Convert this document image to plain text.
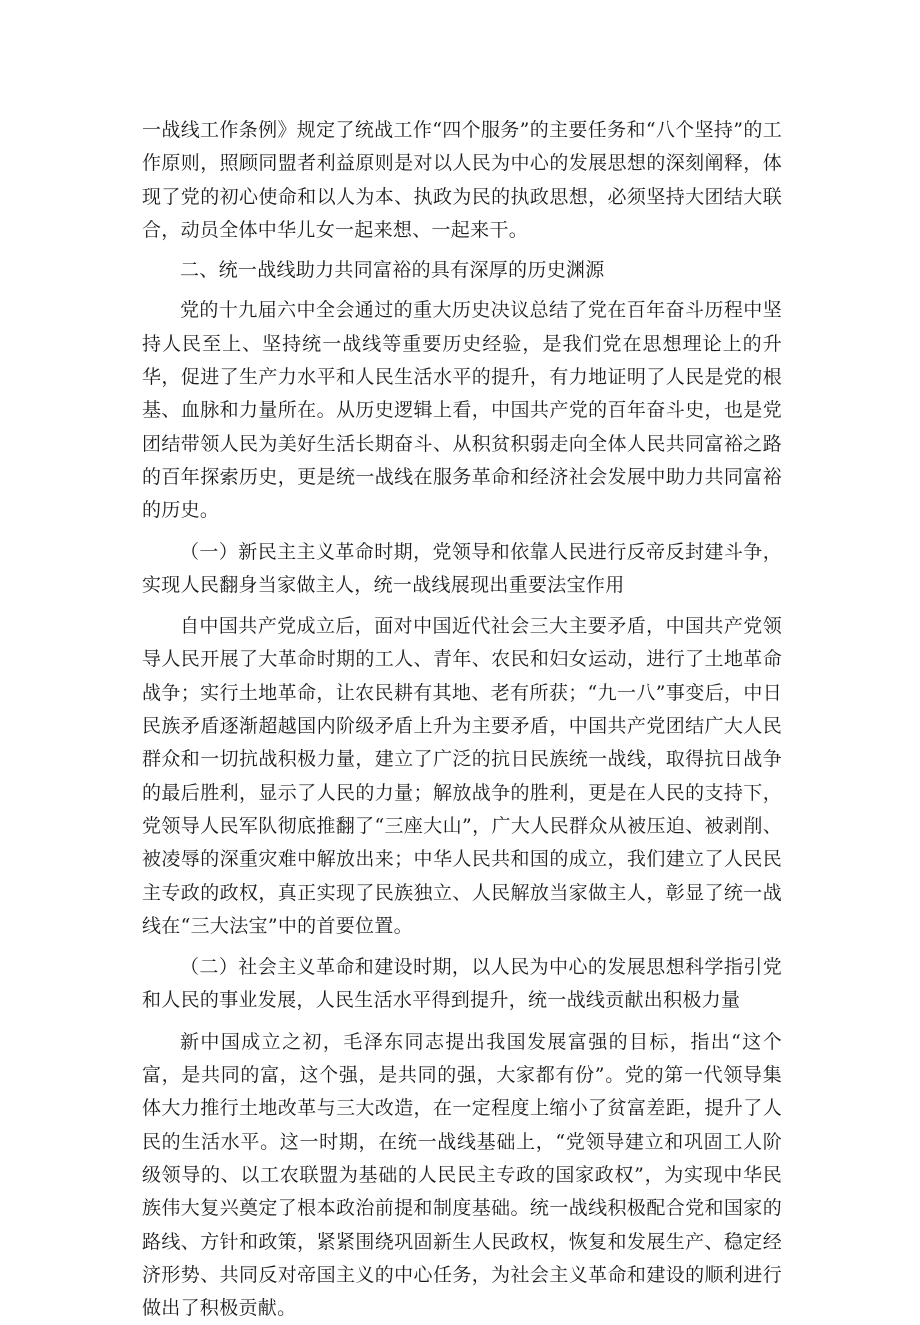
一战线工作条例》规定了统战工作“四个服务”的主要任务和“八个坚持”的工作原则，照顾同盟者利益原则是对以人民为中心的发展思想的深刻阐释，体现了党的初心使命和以人为本、执政为民的执政思想，必须坚持大团结大联合，动员全体中华儿女一起来想、一起来干。

二、统一战线助力共同富裕的具有深厚的历史渊源

党的十九届六中全会通过的重大历史决议总结了党在百年奋斗历程中坚持人民至上、坚持统一战线等重要历史经验，是我们党在思想理论上的升华，促进了生产力水平和人民生活水平的提升，有力地证明了人民是党的根基、血脉和力量所在。从历史逻辑上看，中国共产党的百年奋斗史，也是党团结带领人民为美好生活长期奋斗、从积贫积弱走向全体人民共同富裕之路的百年探索历史，更是统一战线在服务革命和经济社会发展中助力共同富裕的历史。

（一）新民主主义革命时期，党领导和依靠人民进行反帝反封建斗争，实现人民翻身当家做主人，统一战线展现出重要法宝作用

自中国共产党成立后，面对中国近代社会三大主要矛盾，中国共产党领导人民开展了大革命时期的工人、青年、农民和妇女运动，进行了土地革命战争；实行土地革命，让农民耕有其地、老有所获；“九一八”事变后，中日民族矛盾逐渐超越国内阶级矛盾上升为主要矛盾，中国共产党团结广大人民群众和一切抗战积极力量，建立了广泛的抗日民族统一战线，取得抗日战争的最后胜利，显示了人民的力量；解放战争的胜利，更是在人民的支持下，党领导人民军队彻底推翻了“三座大山”，广大人民群众从被压迫、被剥削、被凌辱的深重灾难中解放出来；中华人民共和国的成立，我们建立了人民民主专政的政权，真正实现了民族独立、人民解放当家做主人，彰显了统一战线在“三大法宝”中的首要位置。

（二）社会主义革命和建设时期，以人民为中心的发展思想科学指引党和人民的事业发展，人民生活水平得到提升，统一战线贡献出积极力量

新中国成立之初，毛泽东同志提出我国发展富强的目标，指出“这个富，是共同的富，这个强，是共同的强，大家都有份”。党的第一代领导集体大力推行土地改革与三大改造，在一定程度上缩小了贫富差距，提升了人民的生活水平。这一时期，在统一战线基础上，“党领导建立和巩固工人阶级领导的、以工农联盟为基础的人民民主专政的国家政权”，为实现中华民族伟大复兴奠定了根本政治前提和制度基础。统一战线积极配合党和国家的路线、方针和政策，紧紧围绕巩固新生人民政权，恢复和发展生产、稳定经济形势、共同反对帝国主义的中心任务，为社会主义革命和建设的顺利进行做出了积极贡献。
